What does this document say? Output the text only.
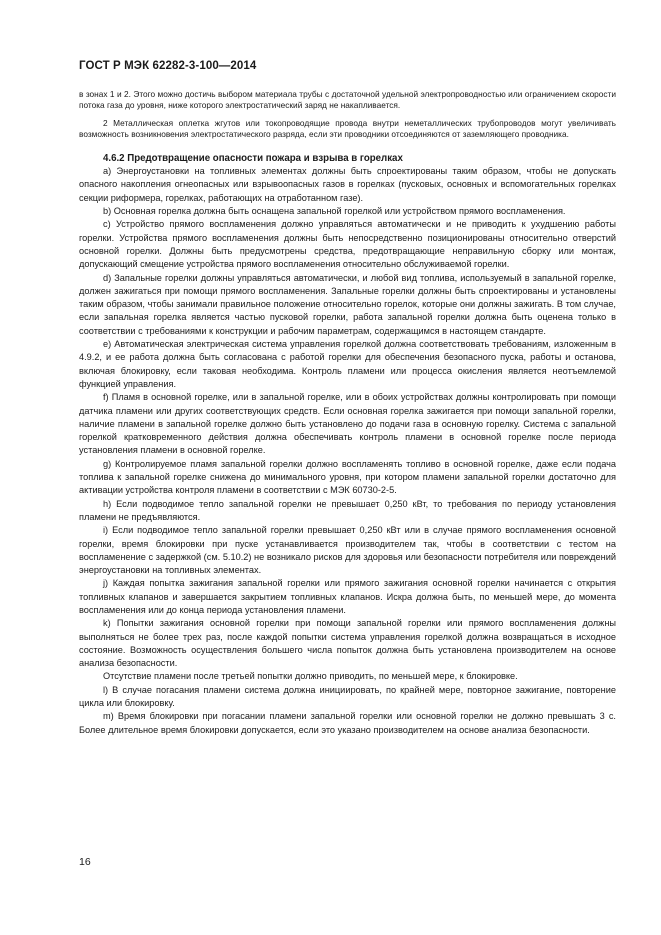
ГОСТ Р МЭК 62282-3-100—2014

в зонах 1 и 2. Этого можно достичь выбором материала трубы с достаточной удельной электропроводностью или ограничением скорости потока газа до уровня, ниже которого электростатический заряд не накапливается.

2 Металлическая оплетка жгутов или токопроводящие провода внутри неметаллических трубопроводов могут увеличивать возможность возникновения электростатического разряда, если эти проводники отсоединяются от заземляющего проводника.

4.6.2 Предотвращение опасности пожара и взрыва в горелках

а) Энергоустановки на топливных элементах должны быть спроектированы таким образом, чтобы не допускать опасного накопления огнеопасных или взрывоопасных газов в горелках (пусковых, основных и вспомогательных горелках секции риформера, горелках, работающих на отработанном газе).

b) Основная горелка должна быть оснащена запальной горелкой или устройством прямого воспламенения.

c) Устройство прямого воспламенения должно управляться автоматически и не приводить к ухудшению работы горелки. Устройства прямого воспламенения должны быть непосредственно позиционированы относительно отверстий основной горелки. Должны быть предусмотрены средства, предотвращающие неправильную сборку или монтаж, допускающий смещение устройства прямого воспламенения относительно обслуживаемой горелки.

d) Запальные горелки должны управляться автоматически, и любой вид топлива, используемый в запальной горелке, должен зажигаться при помощи прямого воспламенения. Запальные горелки должны быть спроектированы и установлены таким образом, чтобы занимали правильное положение относительно горелок, которые они должны зажигать. В том случае, если запальная горелка является частью пусковой горелки, работа запальной горелки должна быть оценена только в соответствии с требованиями к конструкции и рабочим параметрам, содержащимся в настоящем стандарте.

е) Автоматическая электрическая система управления горелкой должна соответствовать требованиям, изложенным в 4.9.2, и ее работа должна быть согласована с работой горелки для обеспечения безопасного пуска, работы и останова, включая блокировку, если таковая необходима. Контроль пламени или процесса окисления является неотъемлемой функцией управления.

f) Пламя в основной горелке, или в запальной горелке, или в обоих устройствах должны контролировать при помощи датчика пламени или других соответствующих средств. Если основная горелка зажигается при помощи запальной горелки, наличие пламени в запальной горелке должно быть установлено до подачи газа в основную горелку. Система с запальной горелкой кратковременного действия должна обеспечивать контроль пламени в основной горелке после периода установления пламени в основной горелке.

g) Контролируемое пламя запальной горелки должно воспламенять топливо в основной горелке, даже если подача топлива к запальной горелке снижена до минимального уровня, при котором пламени запальной горелки достаточно для активации устройства контроля пламени в соответствии с МЭК 60730-2-5.

h) Если подводимое тепло запальной горелки не превышает 0,250 кВт, то требования по периоду установления пламени не предъявляются.

i) Если подводимое тепло запальной горелки превышает 0,250 кВт или в случае прямого воспламенения основной горелки, время блокировки при пуске устанавливается производителем так, чтобы в соответствии с тестом на воспламенение с задержкой (см. 5.10.2) не возникало рисков для здоровья или безопасности потребителя или повреждений энергоустановки на топливных элементах.

j) Каждая попытка зажигания запальной горелки или прямого зажигания основной горелки начинается с открытия топливных клапанов и завершается закрытием топливных клапанов. Искра должна быть, по меньшей мере, до момента воспламенения или до конца периода установления пламени.

k) Попытки зажигания основной горелки при помощи запальной горелки или прямого воспламенения должны выполняться не более трех раз, после каждой попытки система управления горелкой должна возвращаться в исходное состояние. Возможность осуществления большего числа попыток должна быть установлена производителем на основе анализа безопасности.

Отсутствие пламени после третьей попытки должно приводить, по меньшей мере, к блокировке.

l) В случае погасания пламени система должна инициировать, по крайней мере, повторное зажигание, повторение цикла или блокировку.

m) Время блокировки при погасании пламени запальной горелки или основной горелки не должно превышать 3 с. Более длительное время блокировки допускается, если это указано производителем на основе анализа безопасности.

16
